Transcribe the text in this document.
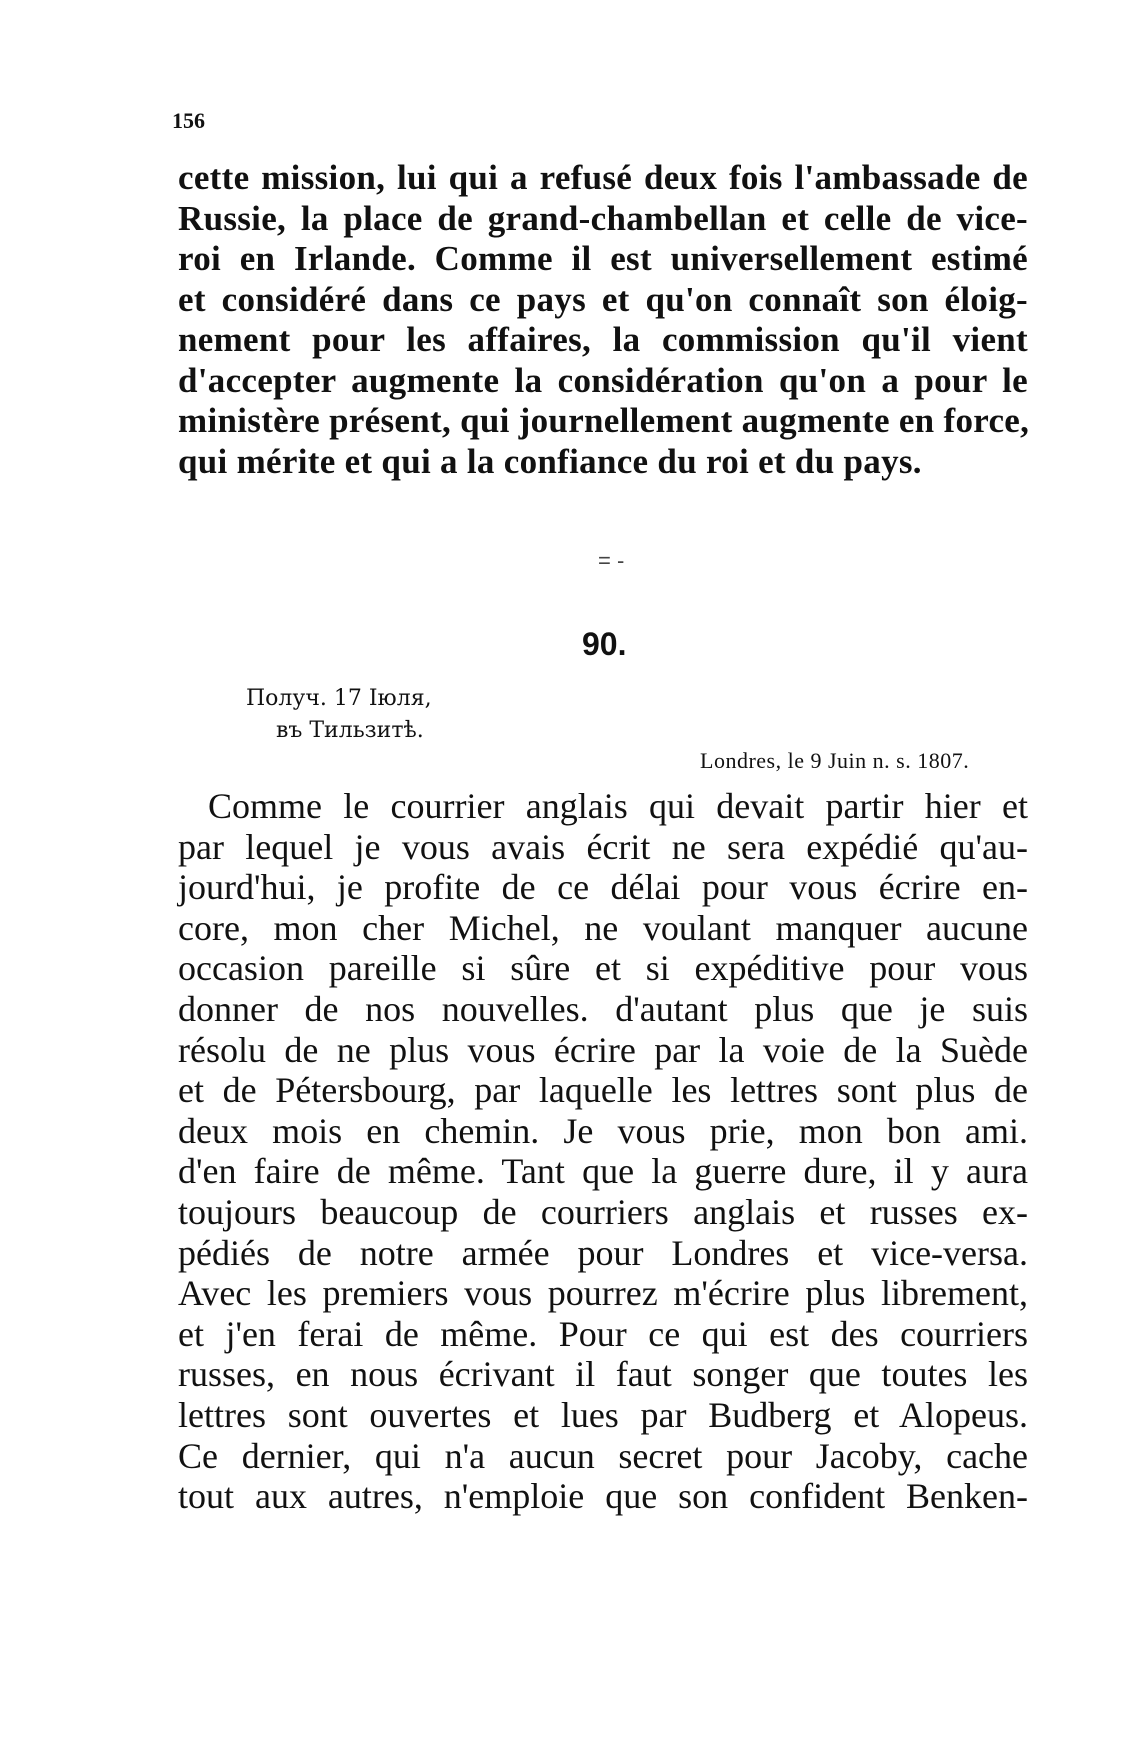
156
cette mission, lui qui a refusé deux fois l'ambassade de
Russie, la place de grand-chambellan et celle de vice-
roi en Irlande. Comme il est universellement estimé
et considéré dans ce pays et qu'on connaît son éloig-
nement pour les affaires, la commission qu'il vient
d'accepter augmente la considération qu'on a pour le
ministère présent, qui journellement augmente en force,
qui mérite et qui a la confiance du roi et du pays.
= -
90.
Получ. 17 Іюля,
въ Тильзитѣ.
Londres, le 9 Juin n. s. 1807.
Comme le courrier anglais qui devait partir hier et
par lequel je vous avais écrit ne sera expédié qu'au-
jourd'hui, je profite de ce délai pour vous écrire en-
core, mon cher Michel, ne voulant manquer aucune
occasion pareille si sûre et si expéditive pour vous
donner de nos nouvelles. d'autant plus que je suis
résolu de ne plus vous écrire par la voie de la Suède
et de Pétersbourg, par laquelle les lettres sont plus de
deux mois en chemin. Je vous prie, mon bon ami.
d'en faire de même. Tant que la guerre dure, il y aura
toujours beaucoup de courriers anglais et russes ex-
pédiés de notre armée pour Londres et vice-versa.
Avec les premiers vous pourrez m'écrire plus librement,
et j'en ferai de même. Pour ce qui est des courriers
russes, en nous écrivant il faut songer que toutes les
lettres sont ouvertes et lues par Budberg et Alopeus.
Ce dernier, qui n'a aucun secret pour Jacoby, cache
tout aux autres, n'emploie que son confident Benken-
